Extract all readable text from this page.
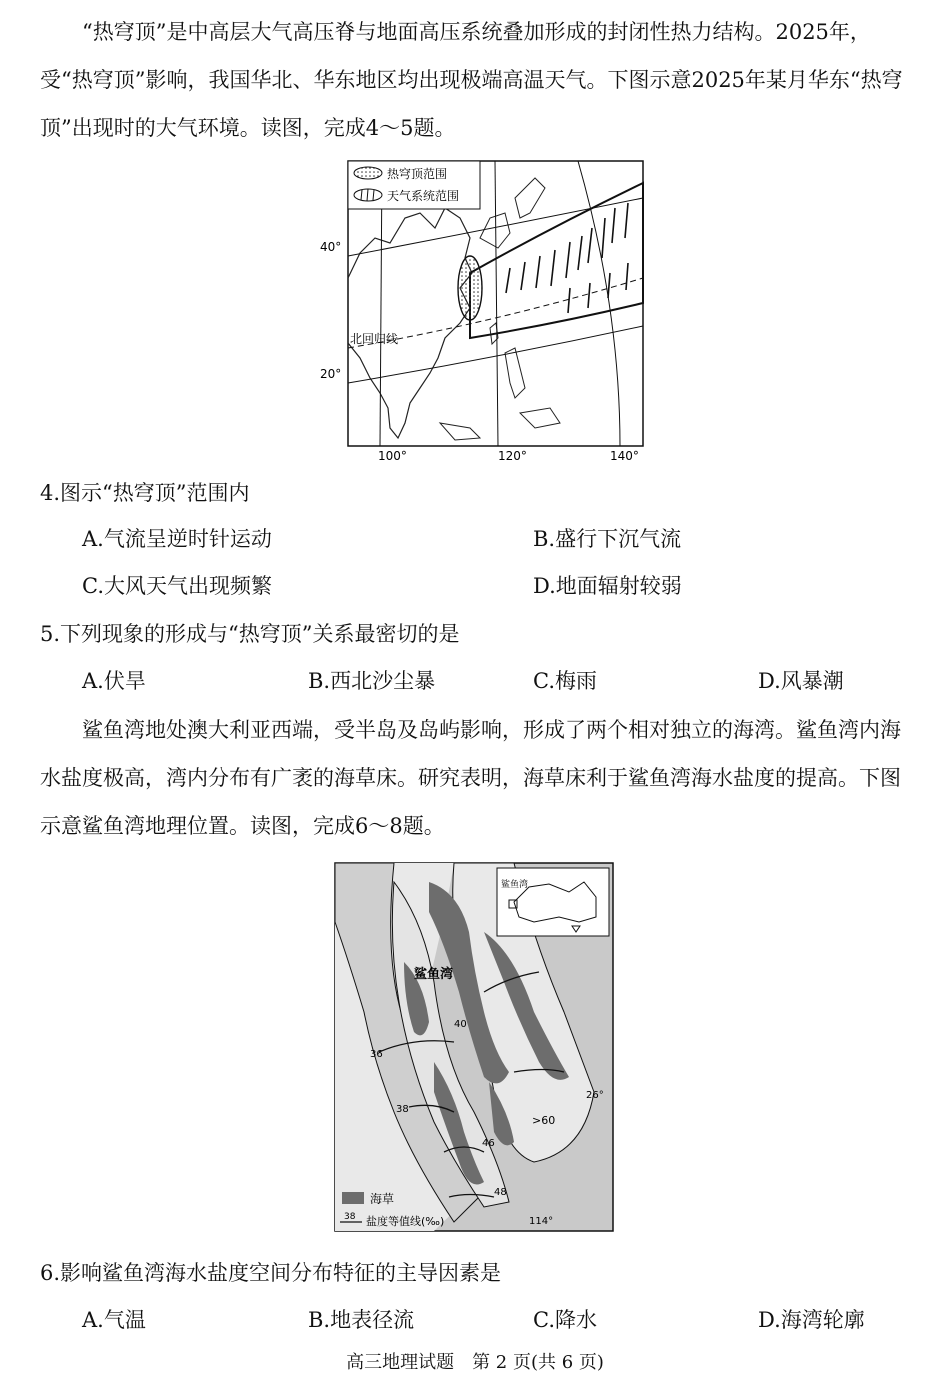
“热穹顶”是中高层大气高压脊与地面高压系统叠加形成的封闭性热力结构。2025年，受“热穹顶”影响，我国华北、华东地区均出现极端高温天气。下图示意2025年某月华东“热穹顶”出现时的大气环境。读图，完成4～5题。

热穹顶范围
天气系统范围
40°
20°
北回归线
100°	120°	140°

4.图示“热穹顶”范围内

A.气流呈逆时针运动	B.盛行下沉气流
C.大风天气出现频繁	D.地面辐射较弱

5.下列现象的形成与“热穹顶”关系最密切的是

A.伏旱	B.西北沙尘暴	C.梅雨	D.风暴潮

鲨鱼湾地处澳大利亚西端，受半岛及岛屿影响，形成了两个相对独立的海湾。鲨鱼湾内海水盐度极高，湾内分布有广袤的海草床。研究表明，海草床利于鲨鱼湾海水盐度的提高。下图示意鲨鱼湾地理位置。读图，完成6～8题。

鲨鱼湾
鲨鱼湾
36
40
38
46
48
>60
26°
114°
海草
38 盐度等值线(‰)

6.影响鲨鱼湾海水盐度空间分布特征的主导因素是

A.气温	B.地表径流	C.降水	D.海湾轮廓
高三地理试题　第 2 页(共 6 页)
